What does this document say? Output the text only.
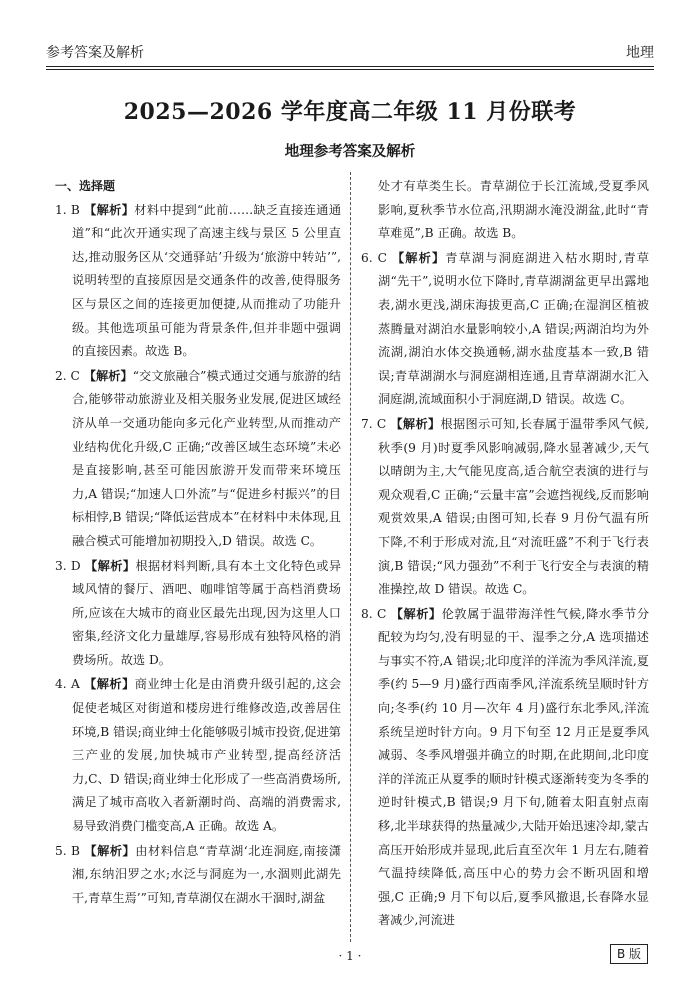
参考答案及解析	地理
2025—2026 学年度高二年级 11 月份联考
地理参考答案及解析
一、选择题
1. B 【解析】材料中提到“此前……缺乏直接连通通道”和“此次开通实现了高速主线与景区 5 公里直达,推动服务区从‘交通驿站’升级为‘旅游中转站’”,说明转型的直接原因是交通条件的改善,使得服务区与景区之间的连接更加便捷,从而推动了功能升级。其他选项虽可能为背景条件,但并非题中强调的直接因素。故选 B。
2. C 【解析】“交文旅融合”模式通过交通与旅游的结合,能够带动旅游业及相关服务业发展,促进区域经济从单一交通功能向多元化产业转型,从而推动产业结构优化升级,C 正确;“改善区域生态环境”未必是直接影响,甚至可能因旅游开发而带来环境压力,A 错误;“加速人口外流”与“促进乡村振兴”的目标相悖,B 错误;“降低运营成本”在材料中未体现,且融合模式可能增加初期投入,D 错误。故选 C。
3. D 【解析】根据材料判断,具有本土文化特色或异域风情的餐厅、酒吧、咖啡馆等属于高档消费场所,应该在大城市的商业区最先出现,因为这里人口密集,经济文化力量雄厚,容易形成有独特风格的消费场所。故选 D。
4. A 【解析】商业绅士化是由消费升级引起的,这会促使老城区对街道和楼房进行维修改造,改善居住环境,B 错误;商业绅士化能够吸引城市投资,促进第三产业的发展,加快城市产业转型,提高经济活力,C、D 错误;商业绅士化形成了一些高消费场所,满足了城市高收入者新潮时尚、高端的消费需求,易导致消费门槛变高,A 正确。故选 A。
5. B 【解析】由材料信息“青草湖‘北连洞庭,南接潇湘,东纳汨罗之水;水泛与洞庭为一,水涸则此湖先干,青草生焉’”可知,青草湖仅在湖水干涸时,湖盆
处才有草类生长。青草湖位于长江流域,受夏季风影响,夏秋季节水位高,汛期湖水淹没湖盆,此时“青草难觅”,B 正确。故选 B。
6. C 【解析】青草湖与洞庭湖进入枯水期时,青草湖“先干”,说明水位下降时,青草湖湖盆更早出露地表,湖水更浅,湖床海拔更高,C 正确;在湿润区植被蒸腾量对湖泊水量影响较小,A 错误;两湖泊均为外流湖,湖泊水体交换通畅,湖水盐度基本一致,B 错误;青草湖湖水与洞庭湖相连通,且青草湖湖水汇入洞庭湖,流域面积小于洞庭湖,D 错误。故选 C。
7. C 【解析】根据图示可知,长春属于温带季风气候,秋季(9 月)时夏季风影响减弱,降水显著减少,天气以晴朗为主,大气能见度高,适合航空表演的进行与观众观看,C 正确;“云量丰富”会遮挡视线,反而影响观赏效果,A 错误;由图可知,长春 9 月份气温有所下降,不利于形成对流,且“对流旺盛”不利于飞行表演,B 错误;“风力强劲”不利于飞行安全与表演的精准操控,故 D 错误。故选 C。
8. C 【解析】伦敦属于温带海洋性气候,降水季节分配较为均匀,没有明显的干、湿季之分,A 选项描述与事实不符,A 错误;北印度洋的洋流为季风洋流,夏季(约 5—9 月)盛行西南季风,洋流系统呈顺时针方向;冬季(约 10 月—次年 4 月)盛行东北季风,洋流系统呈逆时针方向。9 月下旬至 12 月正是夏季风减弱、冬季风增强并确立的时期,在此期间,北印度洋的洋流正从夏季的顺时针模式逐渐转变为冬季的逆时针模式,B 错误;9 月下旬,随着太阳直射点南移,北半球获得的热量减少,大陆开始迅速冷却,蒙古高压开始形成并显现,此后直至次年 1 月左右,随着气温持续降低,高压中心的势力会不断巩固和增强,C 正确;9 月下旬以后,夏季风撤退,长春降水显著减少,河流进
· 1 ·	B 版
